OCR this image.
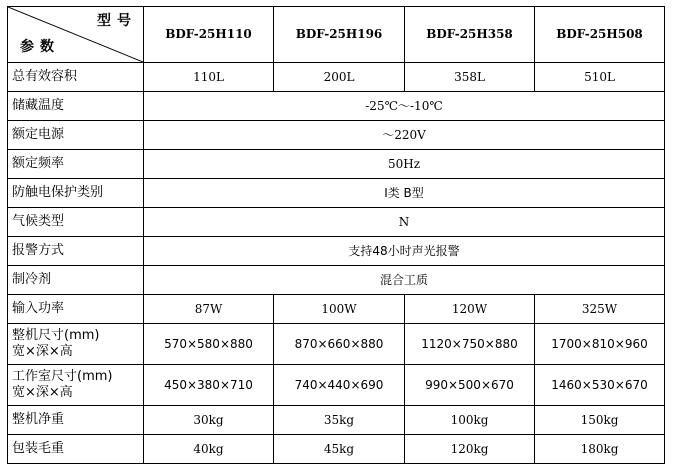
型号
参数	BDF-25H110	BDF-25H196	BDF-25H358	BDF-25H508
总有效容积	110L	200L	358L	510L
储藏温度	-25℃～-10℃			
额定电源	～220V			
额定频率	50Hz			
防触电保护类别	I类 B型			
气候类型	N			
报警方式	支持48小时声光报警			
制冷剂	混合工质			
输入功率	87W	100W	120W	325W

整机尺寸(mm)
宽×深×高	570×580×880	870×660×880	1120×750×880	1700×810×960

工作室尺寸(mm)
宽×深×高	450×380×710	740×440×690	990×500×670	1460×530×670
整机净重	30kg	35kg	100kg	150kg
包装毛重	40kg	45kg	120kg	180kg
